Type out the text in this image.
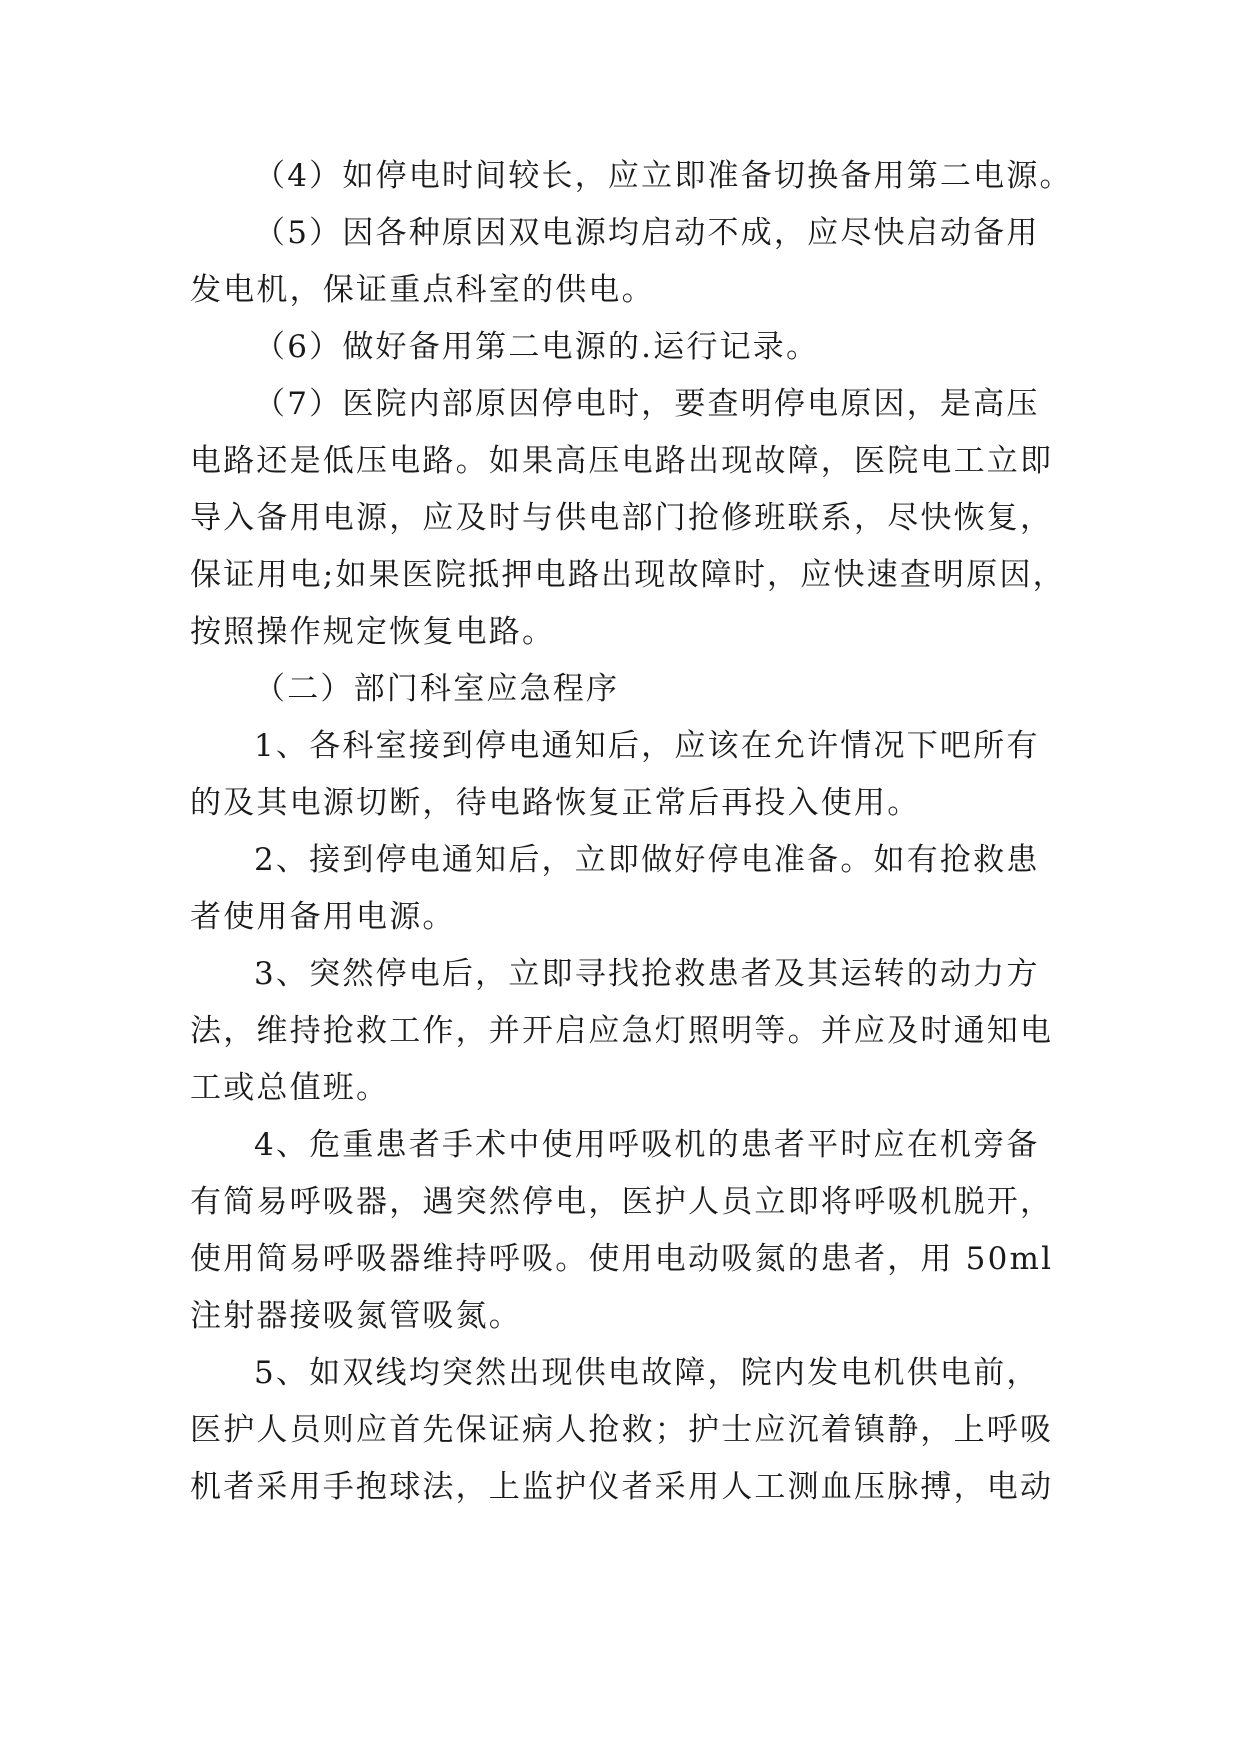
（4）如停电时间较长，应立即准备切换备用第二电源。
（5）因各种原因双电源均启动不成，应尽快启动备用
发电机，保证重点科室的供电。
（6）做好备用第二电源的.运行记录。
（7）医院内部原因停电时，要查明停电原因，是高压
电路还是低压电路。如果高压电路出现故障，医院电工立即
导入备用电源，应及时与供电部门抢修班联系，尽快恢复，
保证用电;如果医院抵押电路出现故障时，应快速查明原因，
按照操作规定恢复电路。
（二）部门科室应急程序
1、各科室接到停电通知后，应该在允许情况下吧所有
的及其电源切断，待电路恢复正常后再投入使用。
2、接到停电通知后，立即做好停电准备。如有抢救患
者使用备用电源。
3、突然停电后，立即寻找抢救患者及其运转的动力方
法，维持抢救工作，并开启应急灯照明等。并应及时通知电
工或总值班。
4、危重患者手术中使用呼吸机的患者平时应在机旁备
有简易呼吸器，遇突然停电，医护人员立即将呼吸机脱开，
使用简易呼吸器维持呼吸。使用电动吸氮的患者，用 50ml
注射器接吸氮管吸氮。
5、如双线均突然出现供电故障，院内发电机供电前，
医护人员则应首先保证病人抢救；护士应沉着镇静，上呼吸
机者采用手抱球法，上监护仪者采用人工测血压脉搏，电动
